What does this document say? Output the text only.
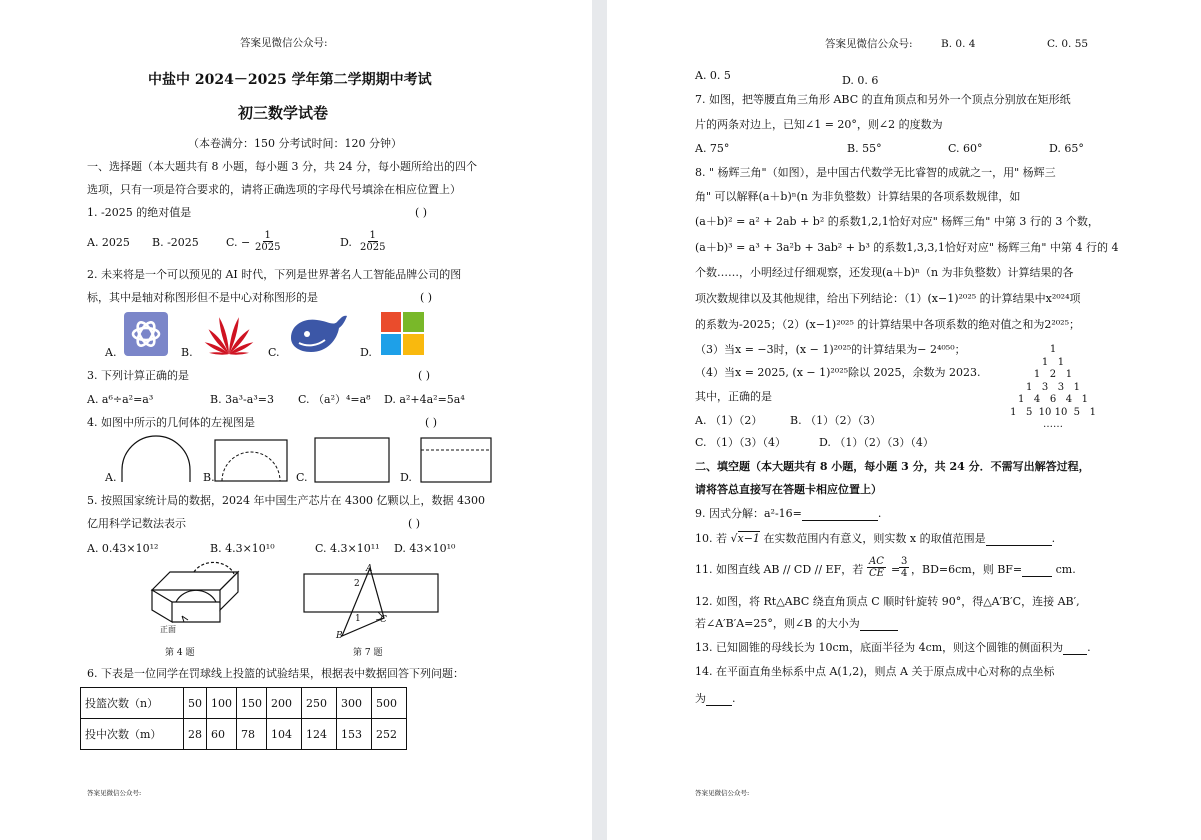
答案见微信公众号:
中盐中 2024－2025 学年第二学期期中考试
初三数学试卷
（本卷满分：150 分考试时间：120 分钟）
一、选择题（本大题共有 8 小题，每小题 3 分，共 24 分，每小题所给出的四个
选项，只有一项是符合要求的，请将正确选项的字母代号填涂在相应位置上）
1. -2025 的绝对值是	( )
A. 2025 B. -2025 C. − $\frac{1}{2025}$	D. $\frac{1}{2025}$
2. 未来将是一个可以预见的 AI 时代，下列是世界著名人工智能品牌公司的图
标，其中是轴对称图形但不是中心对称图形的是	( )
A.	B.	C.	D.
3. 下列计算正确的是	( )
A. a⁶÷a²=a³	B. 3a³-a³=3 C. （a²）⁴=a⁸ D. a²+4a²=5a⁴
4. 如图中所示的几何体的左视图是	( )
A.	B.	C.	D.
5. 按照国家统计局的数据，2024 年中国生产芯片在 4300 亿颗以上，数据 4300
亿用科学记数法表示	( )
A. 0.43×10¹²	B. 4.3×10¹⁰	C. 4.3×10¹¹ D. 43×10¹⁰
正面
第 4 题
A
2
1 C
B
第 7 题
6. 下表是一位同学在罚球线上投篮的试验结果，根据表中数据回答下列问题：
投篮次数（n）	50	100	150	200	250	300	500
投中次数（m）	28	60	78	104	124	153	252
答案见微信公众号:
答案见微信公众号:	B. 0. 4	C. 0. 55
A. 0. 5	D. 0. 6
7. 如图，把等腰直角三角形 ABC 的直角顶点和另外一个顶点分别放在矩形纸
片的两条对边上，已知∠1 = 20°，则∠2 的度数为
A. 75°	B. 55°	C. 60°	D. 65°
8. " 杨辉三角"（如图），是中国古代数学无比睿智的成就之一，用" 杨辉三
角" 可以解释(a＋b)ⁿ(n 为非负整数）计算结果的各项系数规律，如
(a＋b)² = a² + 2ab + b² 的系数1,2,1恰好对应" 杨辉三角" 中第 3 行的 3 个数，
(a＋b)³ = a³ + 3a²b + 3ab² + b³ 的系数1,3,3,1恰好对应" 杨辉三角" 中第 4 行的 4
个数……，小明经过仔细观察，还发现(a＋b)ⁿ（n 为非负整数）计算结果的各
项次数规律以及其他规律，给出下列结论：（1）(x−1)²⁰²⁵ 的计算结果中x²⁰²⁴项
的系数为-2025；（2）(x−1)²⁰²⁵ 的计算结果中各项系数的绝对值之和为2²⁰²⁵；
（3）当x = −3时，(x − 1)²⁰²⁵的计算结果为− 2⁴⁰⁵⁰；
（4）当x = 2025, (x − 1)²⁰²⁵除以 2025，余数为 2023.
其中，正确的是
A. （1）（2）	B. （1）（2）（3）
C. （1）（3）（4）	D. （1）（2）（3）（4）
1
1   1
1   2   1
1   3   3   1
1   4   6   4   1
1   5  10 10  5   1
……
二、填空题（本大题共有 8 小题，每小题 3 分，共 24 分．不需写出解答过程，
请将答总直接写在答题卡相应位置上）
9. 因式分解：a²-16=	.
10. 若 √x−1 在实数范围内有意义，则实数 x 的取值范围是	.
11. 如图直线 AB // CD // EF，若 $\frac{AC}{CE}$ =
$\frac{3}{4}$ ，BD=6cm，则 BF=	cm.
12. 如图，将 Rt△ABC 绕直角顶点 C 顺时针旋转 90°，得△A′B′C，连接 AB′,
若∠A′B′A=25°，则∠B 的大小为
13. 已知圆锥的母线长为 10cm，底面半径为 4cm，则这个圆锥的侧面积为 .
14. 在平面直角坐标系中点 A(1,2)，则点 A 关于原点成中心对称的点坐标
为 .
答案见微信公众号:
